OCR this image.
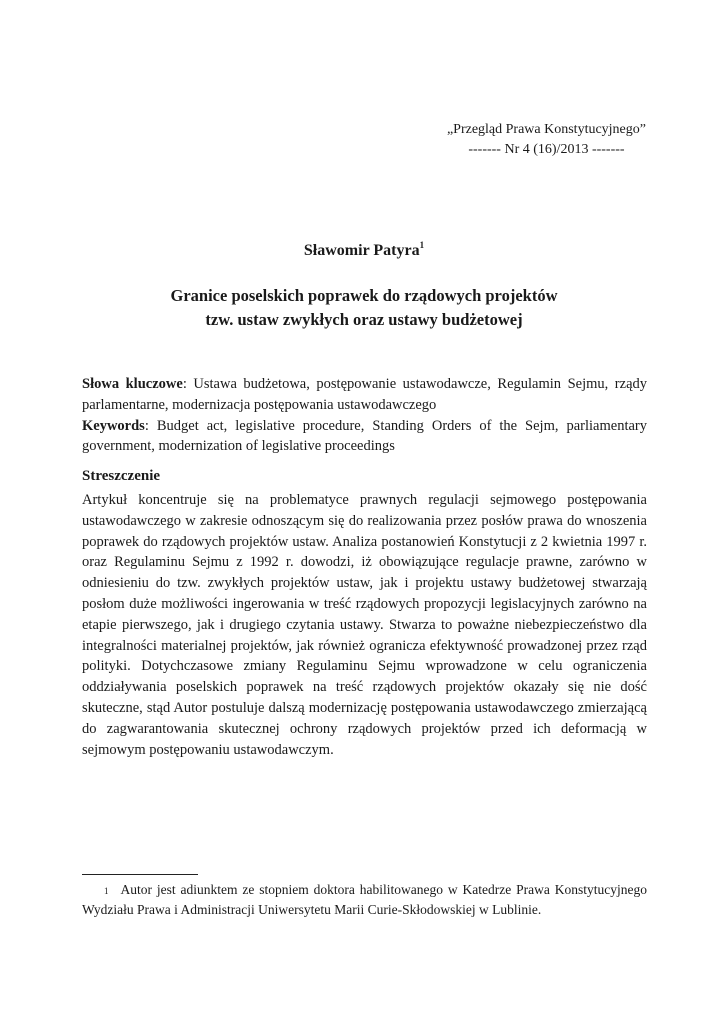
„Przegląd Prawa Konstytucyjnego”
------- Nr 4 (16)/2013 -------
Sławomir Patyra$^1$
Granice poselskich poprawek do rządowych projektów
tzw. ustaw zwykłych oraz ustawy budżetowej
Słowa kluczowe: Ustawa budżetowa, postępowanie ustawodawcze, Regulamin Sejmu, rządy parlamentarne, modernizacja postępowania ustawodawczego
Keywords: Budget act, legislative procedure, Standing Orders of the Sejm, parliamentary government, modernization of legislative proceedings
Streszczenie
Artykuł koncentruje się na problematyce prawnych regulacji sejmowego postępowania ustawodawczego w zakresie odnoszącym się do realizowania przez posłów prawa do wnoszenia poprawek do rządowych projektów ustaw. Analiza postanowień Konstytucji z 2 kwietnia 1997 r. oraz Regulaminu Sejmu z 1992 r. dowodzi, iż obowiązujące regulacje prawne, zarówno w odniesieniu do tzw. zwykłych projektów ustaw, jak i projektu ustawy budżetowej stwarzają posłom duże możliwości ingerowania w treść rządowych propozycji legislacyjnych zarówno na etapie pierwszego, jak i drugiego czytania ustawy. Stwarza to poważne niebezpieczeństwo dla integralności materialnej projektów, jak również ogranicza efektywność prowadzonej przez rząd polityki. Dotychczasowe zmiany Regulaminu Sejmu wprowadzone w celu ograniczenia oddziaływania poselskich poprawek na treść rządowych projektów okazały się nie dość skuteczne, stąd Autor postuluje dalszą modernizację postępowania ustawodawczego zmierzającą do zagwarantowania skutecznej ochrony rządowych projektów przed ich deformacją w sejmowym postępowaniu ustawodawczym.
$^1$ Autor jest adiunktem ze stopniem doktora habilitowanego w Katedrze Prawa Konstytucyjnego Wydziału Prawa i Administracji Uniwersytetu Marii Curie-Skłodowskiej w Lublinie.
